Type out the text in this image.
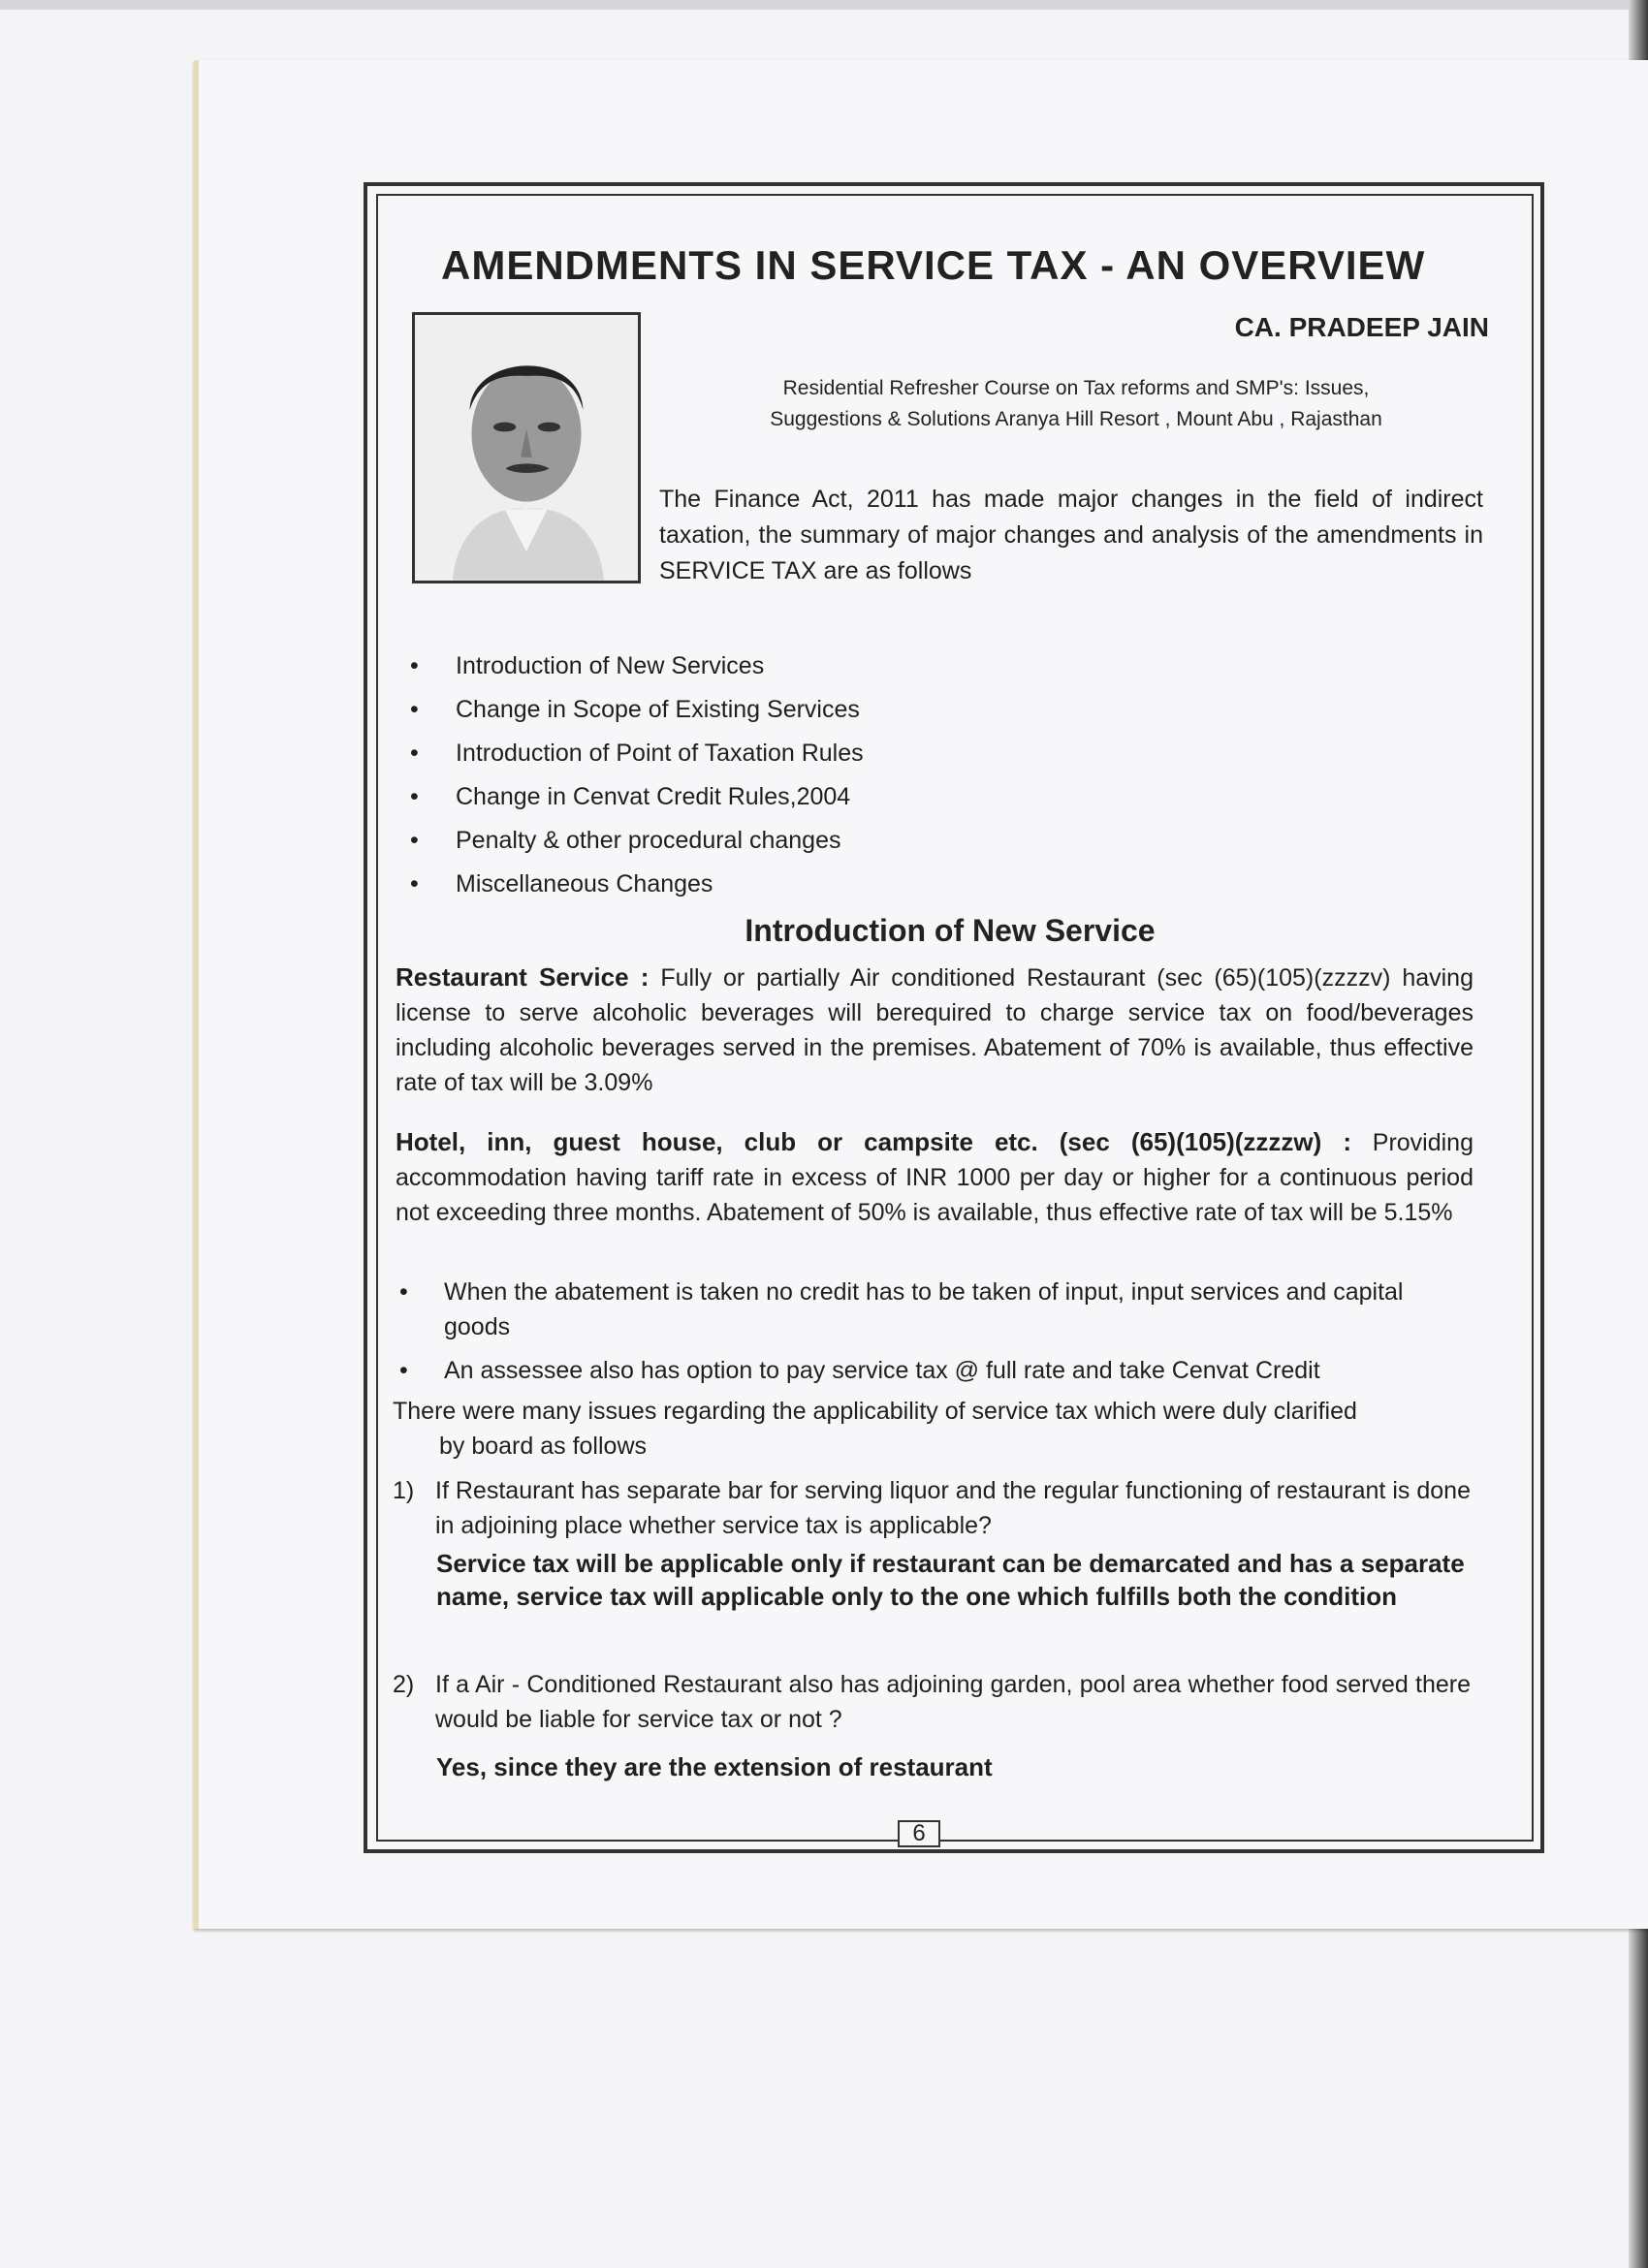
6
AMENDMENTS IN SERVICE TAX - AN OVERVIEW
CA. PRADEEP JAIN
Residential Refresher Course on Tax reforms and SMP's: Issues,
Suggestions & Solutions Aranya Hill Resort , Mount Abu , Rajasthan
The Finance Act, 2011 has made major changes in the field of indirect taxation, the summary of major changes and analysis of the amendments in SERVICE TAX are as follows
• Introduction of New Services
• Change in Scope of Existing Services
• Introduction of Point of Taxation Rules
• Change in Cenvat Credit Rules,2004
• Penalty & other procedural changes
• Miscellaneous Changes
Introduction of New Service
Restaurant Service : Fully or partially Air conditioned Restaurant (sec (65)(105)(zzzzv) having license to serve alcoholic beverages will berequired to charge service tax on food/beverages including alcoholic beverages served in the premises. Abatement of 70% is available, thus effective rate of tax will be 3.09%
Hotel, inn, guest house, club or campsite etc. (sec (65)(105)(zzzzw) : Providing accommodation having tariff rate in excess of INR 1000 per day or higher for a continuous period not exceeding three months. Abatement of 50% is available, thus effective rate of tax will be 5.15%
• When the abatement is taken no credit has to be taken of input, input services and capital goods
• An assessee also has option to pay service tax @ full rate and take Cenvat Credit
There were many issues regarding the applicability of service tax which were duly clarified
by board as follows
1) If Restaurant has separate bar for serving liquor and the regular functioning of restaurant is done in adjoining place whether service tax is applicable?
Service tax will be applicable only if restaurant can be demarcated and has a separate name, service tax will applicable only to the one which fulfills both the condition
2) If a Air - Conditioned Restaurant also has adjoining garden, pool area whether food served there would be liable for service tax or not ?
Yes, since they are the extension of restaurant
